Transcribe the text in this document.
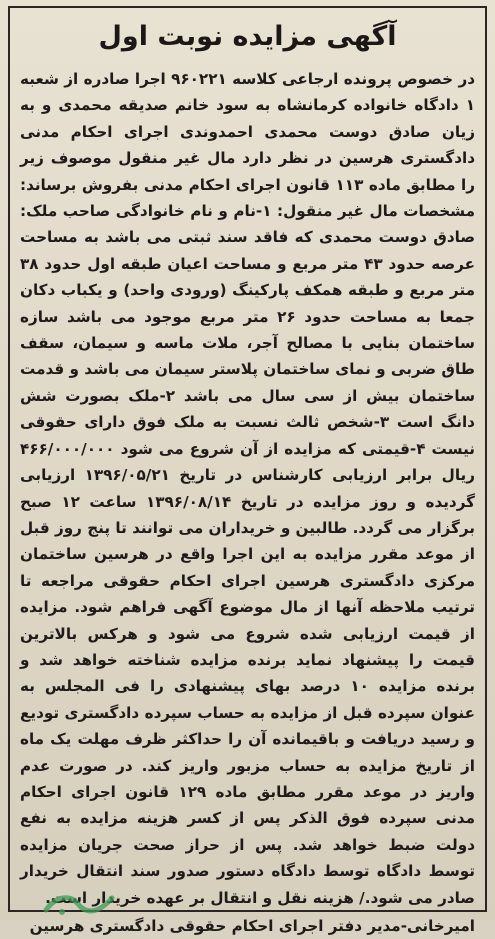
آگهی مزایده نوبت اول

در خصوص پرونده ارجاعی کلاسه ۹۶۰۲۲۱ اجرا صادره از شعبه ۱ دادگاه خانواده کرمانشاه به سود خانم صدیقه محمدی و به زیان صادق دوست محمدی احمدوندی اجرای احکام مدنی دادگستری هرسین در نظر دارد مال غیر منقول موصوف زیر را مطابق ماده ۱۱۳ قانون اجرای احکام مدنی بفروش برساند: مشخصات مال غیر منقول: ۱-نام و نام خانوادگی صاحب ملک: صادق دوست محمدی که فاقد سند ثبتی می باشد به مساحت عرصه حدود ۴۳ متر مربع و مساحت اعیان طبقه اول حدود ۳۸ متر مربع و طبقه همکف پارکینگ (ورودی واحد) و یکباب دکان جمعا به مساحت حدود ۲۶ متر مربع موجود می باشد سازه ساختمان بنایی با مصالح آجر، ملات ماسه و سیمان، سقف طاق ضربی و نمای ساختمان پلاستر سیمان می باشد و قدمت ساختمان بیش از سی سال می باشد ۲-ملک بصورت شش دانگ است ۳-شخص ثالث نسبت به ملک فوق دارای حقوقی نیست ۴-قیمتی که مزایده از آن شروع می شود ۴۶۶/۰۰۰/۰۰۰ ریال برابر ارزیابی کارشناس در تاریخ ۱۳۹۶/۰۵/۲۱ ارزیابی گردیده و روز مزایده در تاریخ ۱۳۹۶/۰۸/۱۴ ساعت ۱۲ صبح برگزار می گردد. طالبین و خریداران می توانند تا پنج روز قبل از موعد مقرر مزایده به این اجرا واقع در هرسین ساختمان مرکزی دادگستری هرسین اجرای احکام حقوقی مراجعه تا ترتیب ملاحظه آنها از مال موضوع آگهی فراهم شود. مزایده از قیمت ارزیابی شده شروع می شود و هرکس بالاترین قیمت را پیشنهاد نماید برنده مزایده شناخته خواهد شد و برنده مزایده ۱۰ درصد بهای پیشنهادی را فی المجلس به عنوان سپرده قبل از مزایده به حساب سپرده دادگستری تودیع و رسید دریافت و باقیمانده آن را حداکثر ظرف مهلت یک ماه از تاریخ مزایده به حساب مزبور واریز کند. در صورت عدم واریز در موعد مقرر مطابق ماده ۱۲۹ قانون اجرای احکام مدنی سپرده فوق الذکر پس از کسر هزینه مزایده به نفع دولت ضبط خواهد شد. پس از حراز صحت جریان مزایده توسط دادگاه توسط دادگاه دستور صدور سند انتقال خریدار صادر می شود./ هزینه نقل و انتقال بر عهده خریدار است.

امیرخانی-مدیر دفتر اجرای احکام حقوقی دادگستری هرسین
